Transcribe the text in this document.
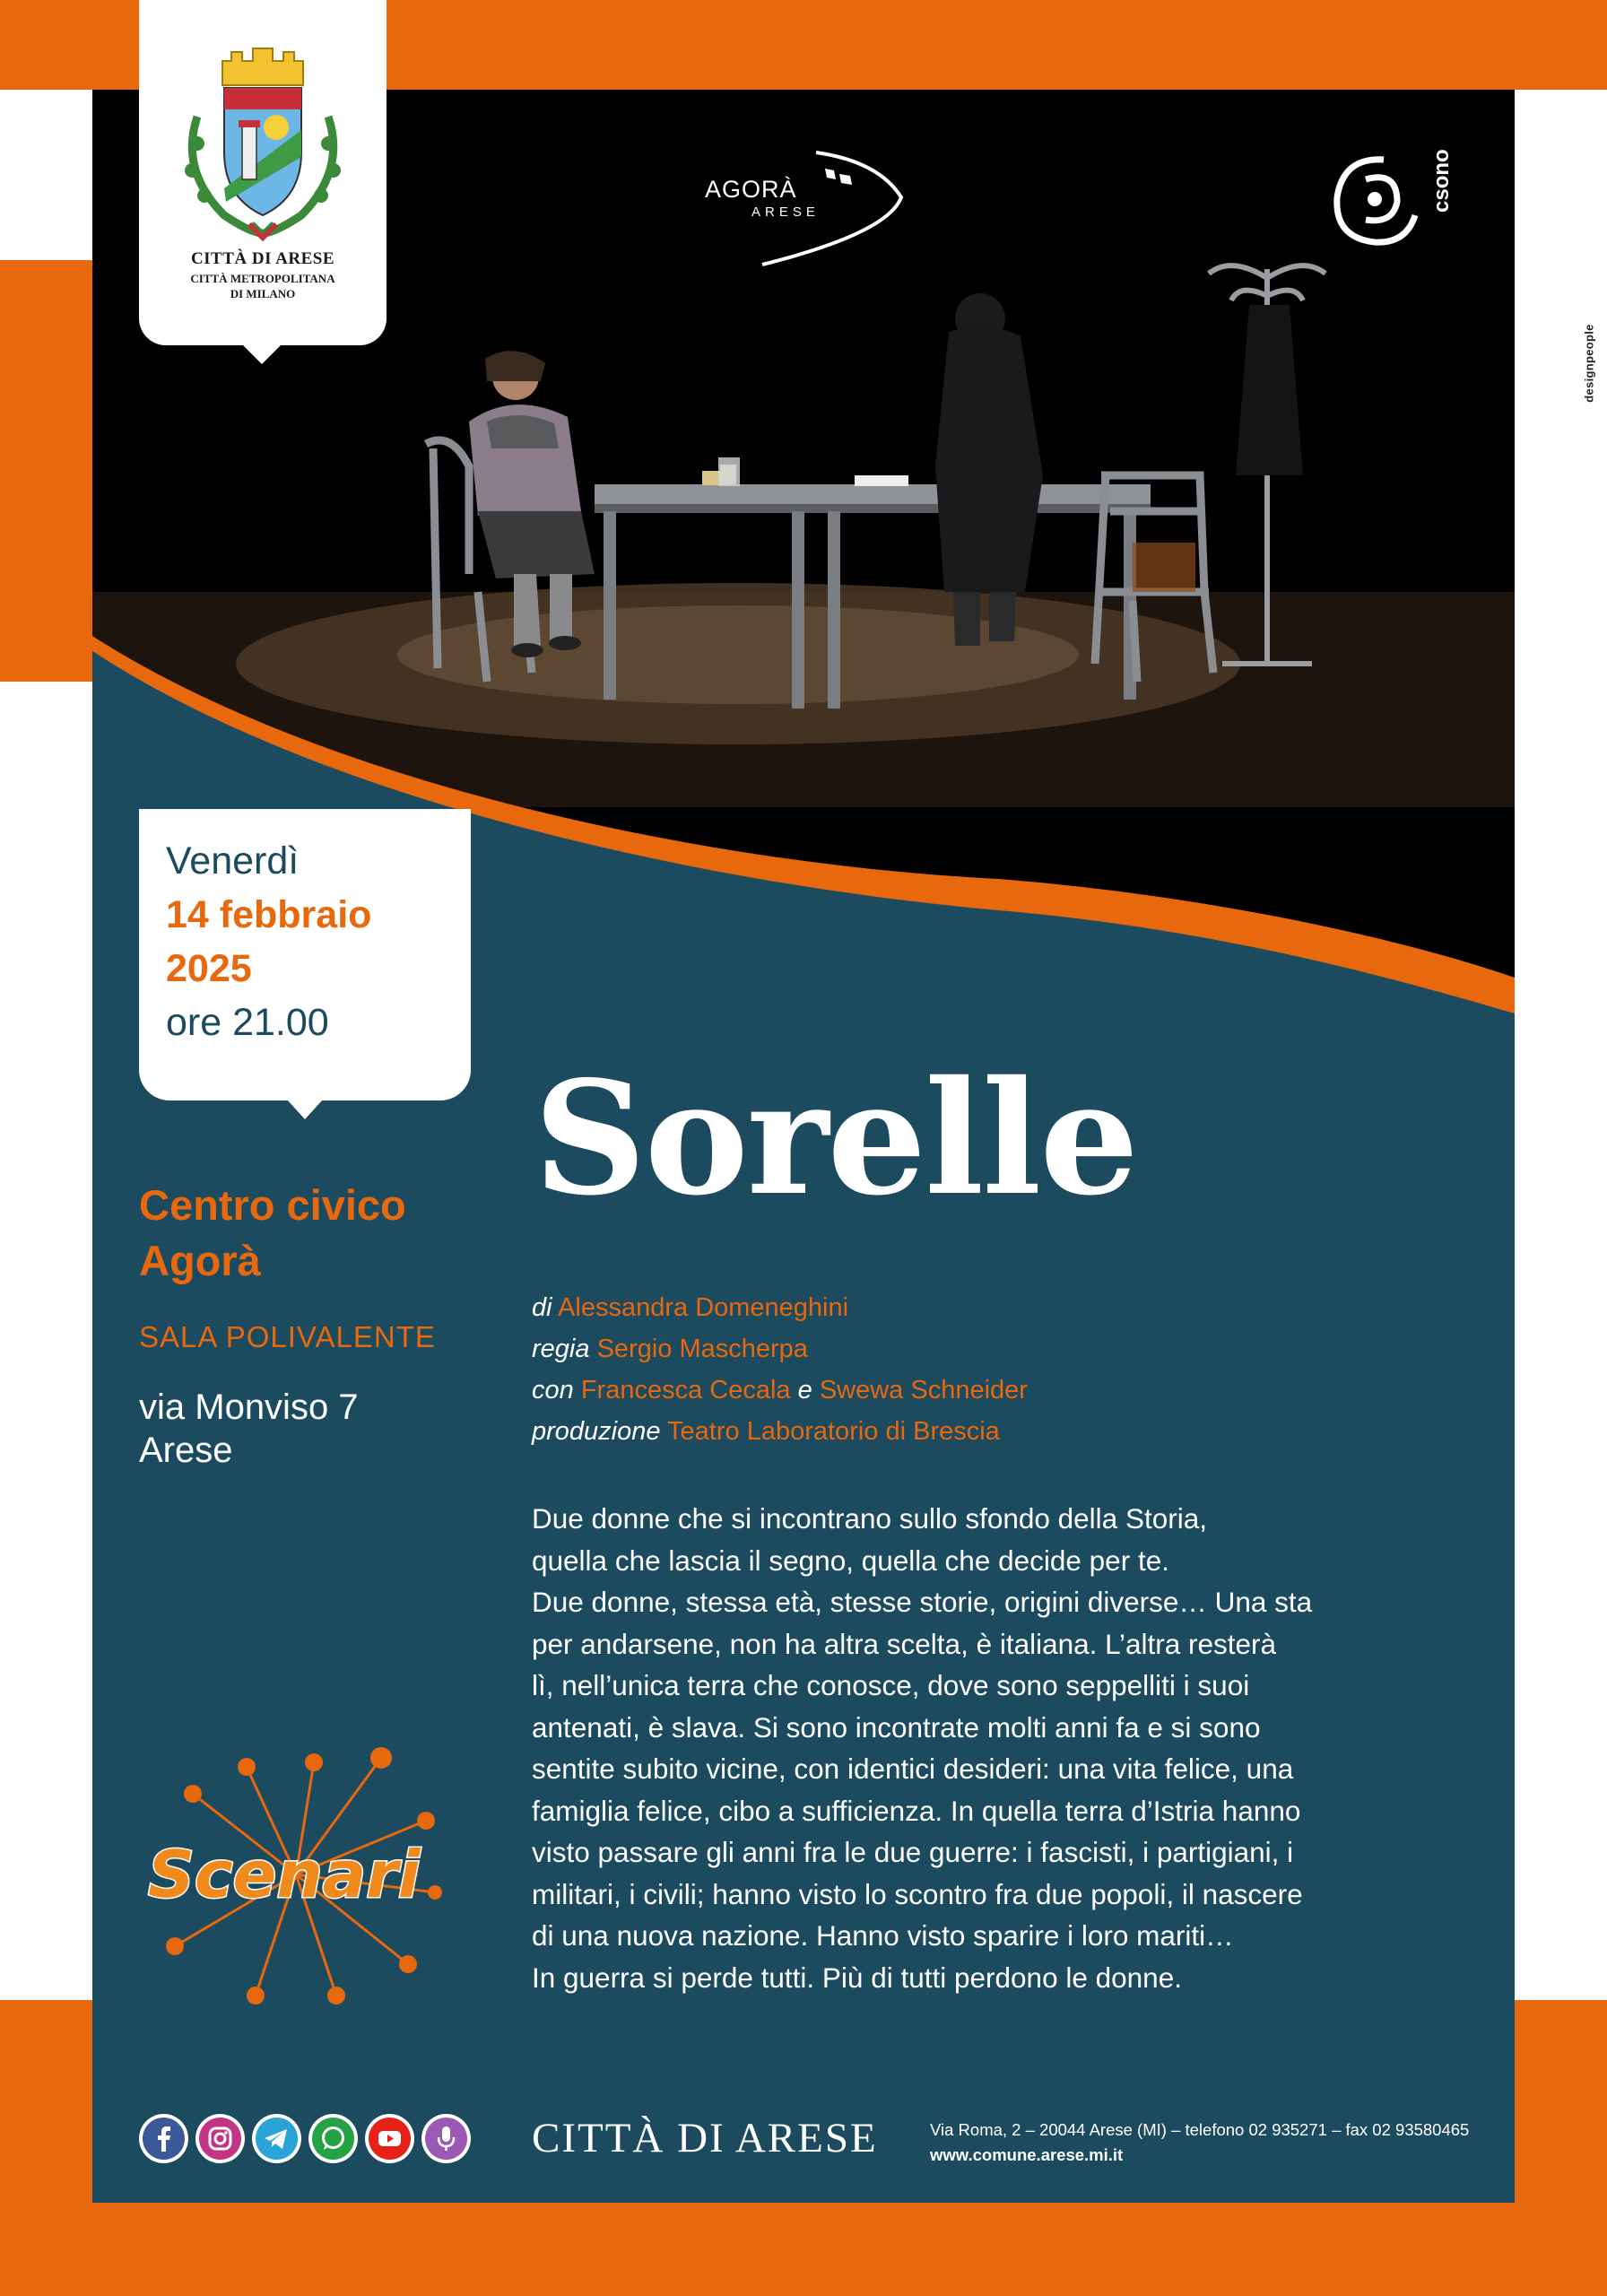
designpeople
CITTÀ DI ARESE
CITTÀ METROPOLITANA
DI MILANO
AGORÀ
ARESE	csono
Venerdì
14 febbraio
2025
ore 21.00
Centro civico
Agorà
SALA POLIVALENTE
via Monviso 7
Arese
Sorelle
di Alessandra Domeneghini
regia Sergio Mascherpa
con Francesca Cecala e Swewa Schneider
produzione Teatro Laboratorio di Brescia
Due donne che si incontrano sullo sfondo della Storia,
quella che lascia il segno, quella che decide per te.
Due donne, stessa età, stesse storie, origini diverse… Una sta
per andarsene, non ha altra scelta, è italiana. L’altra resterà
lì, nell’unica terra che conosce, dove sono seppelliti i suoi
antenati, è slava. Si sono incontrate molti anni fa e si sono
sentite subito vicine, con identici desideri: una vita felice, una
famiglia felice, cibo a sufficienza. In quella terra d’Istria hanno
visto passare gli anni fra le due guerre: i fascisti, i partigiani, i
militari, i civili; hanno visto lo scontro fra due popoli, il nascere
di una nuova nazione. Hanno visto sparire i loro mariti…
In guerra si perde tutti. Più di tutti perdono le donne.
Scenari
CITTÀ DI ARESE	Via Roma, 2 – 20044 Arese (MI) – telefono 02 935271 – fax 02 93580465
www.comune.arese.mi.it
